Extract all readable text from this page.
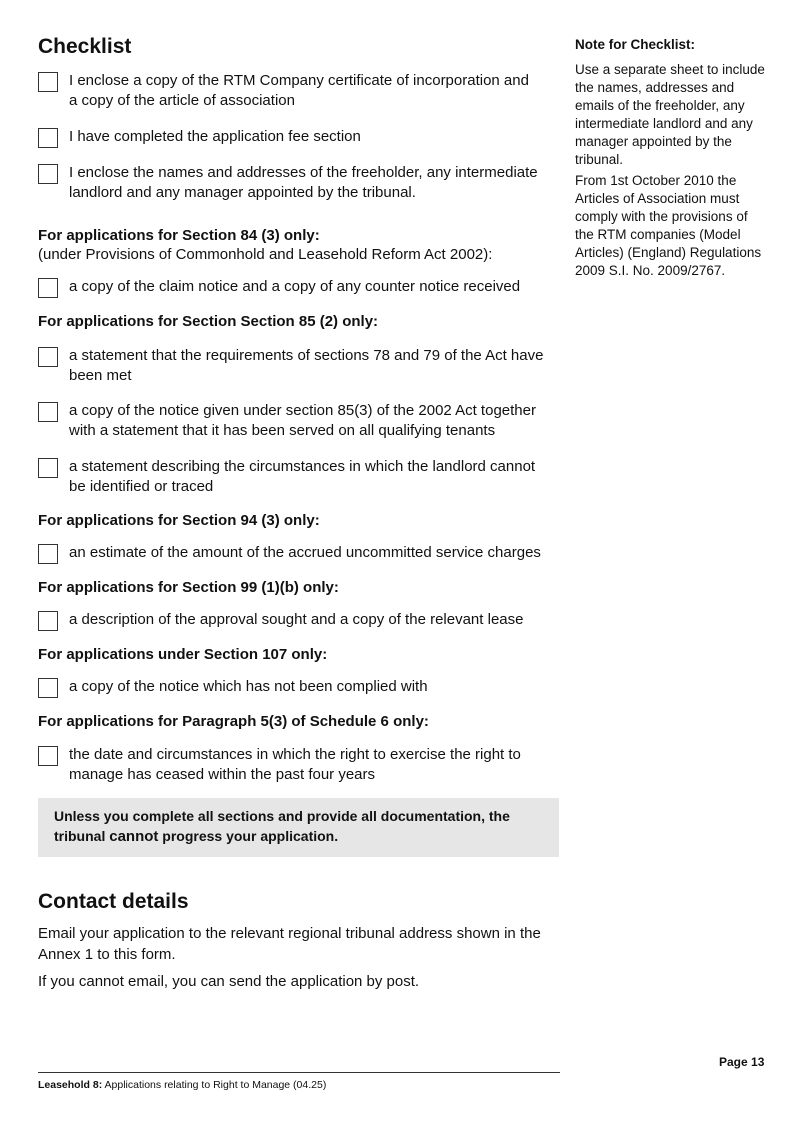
Checklist
I enclose a copy of the RTM Company certificate of incorporation and a copy of the article of association
I have completed the application fee section
I enclose the names and addresses of the freeholder, any intermediate landlord and any manager appointed by the tribunal.
For applications for Section 84 (3) only:
(under Provisions of Commonhold and Leasehold Reform Act 2002):
a copy of the claim notice and a copy of any counter notice received
For applications for Section Section 85 (2) only:
a statement that the requirements of sections 78 and 79 of the Act have been met
a copy of the notice given under section 85(3) of the 2002 Act together with a statement that it has been served on all qualifying tenants
a statement describing the circumstances in which the landlord cannot be identified or traced
For applications for Section 94 (3) only:
an estimate of the amount of the accrued uncommitted service charges
For applications for Section 99 (1)(b) only:
a description of the approval sought and a copy of the relevant lease
For applications under Section 107 only:
a copy of the notice which has not been complied with
For applications for Paragraph 5(3) of Schedule 6 only:
the date and circumstances in which the right to exercise the right to manage has ceased within the past four years
Unless you complete all sections and provide all documentation, the tribunal cannot progress your application.
Contact details

Email your application to the relevant regional tribunal address shown in the Annex 1 to this form.

If you cannot email, you can send the application by post.

Note for Checklist:

Use a separate sheet to include the names, addresses and emails of the freeholder, any intermediate landlord and any manager appointed by the tribunal.

From 1st October 2010 the Articles of Association must comply with the provisions of the RTM companies (Model Articles) (England) Regulations 2009 S.I. No. 2009/2767.

Page 13
Leasehold 8: Applications relating to Right to Manage (04.25)
